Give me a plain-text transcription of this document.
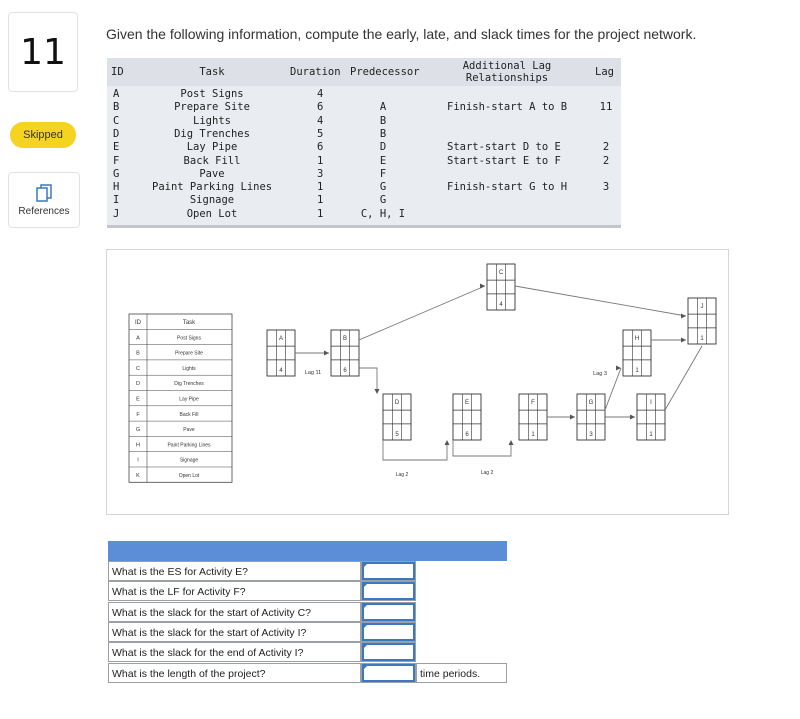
11
Skipped
References
Given the following information, compute the early, late, and slack times for the project network.
ID	Task	Duration Predecessor	Additional Lag Relationships	Lag
A	Post Signs	4
B	Prepare Site	6	A	Finish-start A to B	11
C	Lights	4	B
D	Dig Trenches	5	B
E	Lay Pipe	6	D	Start-start D to E	2
F	Back Fill	1	E	Start-start E to F	2
G	Pave	3	F
H	Paint Parking Lines	1	G	Finish-start G to H	3
I	Signage	1	G
J	Open Lot	1	C, H, I
ID	Task
A	Post Signs
B	Prepare Site
C	Lights
D	Dig Trenches
E	Lay Pipe
F	Back Fill
G	Pave
H	Paint Parking Lines
I	Signage
K	Open Lot
A
4
B
6
C
4
D
5
E
6
F
1
G
3
H
1
I
1
J
1
Lag 11
Lag 2	Lag 2
Lag 3
What is the ES for Activity E?
What is the LF for Activity F?
What is the slack for the start of Activity C?
What is the slack for the start of Activity I?
What is the slack for the end of Activity I?
What is the length of the project?	time periods.
